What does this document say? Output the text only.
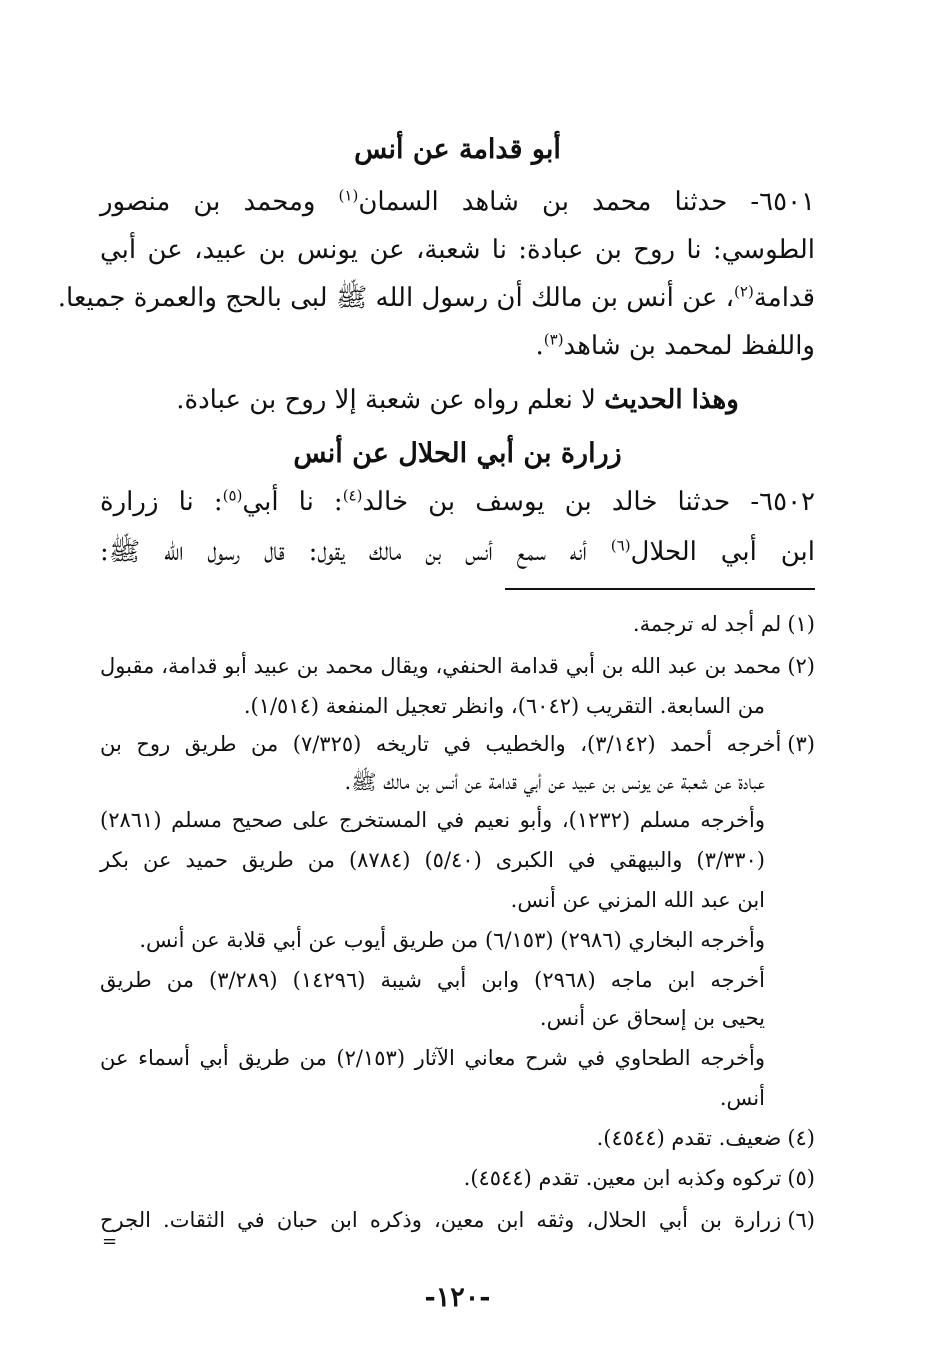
أبو قدامة عن أنس
٦٥٠١- حدثنا محمد بن شاهد السمان$^{(١)}$ ومحمد بن منصور
الطوسي: نا روح بن عبادة: نا شعبة، عن يونس بن عبيد، عن أبي
قدامة$^{(٢)}$، عن أنس بن مالك أن رسول الله ﷺ لبى بالحج والعمرة جميعا.
واللفظ لمحمد بن شاهد$^{(٣)}$.
وهذا الحديث لا نعلم رواه عن شعبة إلا روح بن عبادة.
زرارة بن أبي الحلال عن أنس
٦٥٠٢- حدثنا خالد بن يوسف بن خالد$^{(٤)}$: نا أبي$^{(٥)}$: نا زرارة
ابن أبي الحلال$^{(٦)}$ أنه سمع أنس بن مالك يقول: قال رسول الله ﷺ:
(١)لم أجد له ترجمة.
(٢)محمد بن عبد الله بن أبي قدامة الحنفي، ويقال محمد بن عبيد أبو قدامة، مقبول
من السابعة. التقريب (٦٠٤٢)، وانظر تعجيل المنفعة (١/٥١٤).
(٣)أخرجه أحمد (٣/١٤٢)، والخطيب في تاريخه (٧/٣٢٥) من طريق روح بن
عبادة عن شعبة عن يونس بن عبيد عن أبي قدامة عن أنس بن مالك ﷺ.
وأخرجه مسلم (١٢٣٢)، وأبو نعيم في المستخرج على صحيح مسلم (٢٨٦١)
(٣/٣٣٠) والبيهقي في الكبرى (٥/٤٠) (٨٧٨٤) من طريق حميد عن بكر
ابن عبد الله المزني عن أنس.
وأخرجه البخاري (٢٩٨٦) (٦/١٥٣) من طريق أيوب عن أبي قلابة عن أنس.
أخرجه ابن ماجه (٢٩٦٨) وابن أبي شيبة (١٤٢٩٦) (٣/٢٨٩) من طريق
يحيى بن إسحاق عن أنس.
وأخرجه الطحاوي في شرح معاني الآثار (٢/١٥٣) من طريق أبي أسماء عن
أنس.
(٤)ضعيف. تقدم (٤٥٤٤).
(٥)تركوه وكذبه ابن معين. تقدم (٤٥٤٤).
(٦)زرارة بن أبي الحلال، وثقه ابن معين، وذكره ابن حبان في الثقات. الجرح
=
-١٢٠-
